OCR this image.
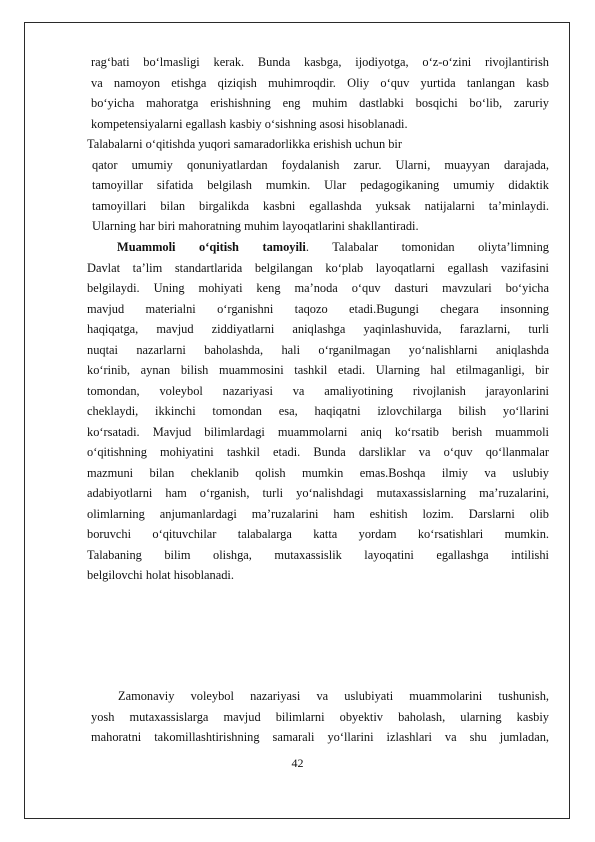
rag‘bati bo‘lmasligi kerak. Bunda kasbga, ijodiyotga, o‘z-o‘zini rivojlantirish

va namoyon etishga qiziqish muhimroqdir. Oliy o‘quv yurtida tanlangan kasb

bo‘yicha mahoratga erishishning eng muhim dastlabki bosqichi bo‘lib, zaruriy

kompetensiyalarni egallash kasbiy o‘sishning asosi hisoblanadi.

Talabalarni o‘qitishda yuqori samaradorlikka erishish uchun bir

qator umumiy qonuniyatlardan foydalanish zarur. Ularni, muayyan darajada,

tamoyillar sifatida belgilash mumkin. Ular pedagogikaning umumiy didaktik

tamoyillari bilan birgalikda kasbni egallashda yuksak natijalarni ta’minlaydi.

Ularning har biri mahoratning muhim layoqatlarini shakllantiradi.

Muammoli o‘qitish tamoyili. Talabalar tomonidan oliyta’limning

Davlat ta’lim standartlarida belgilangan ko‘plab layoqatlarni egallash vazifasini

belgilaydi. Uning mohiyati keng ma’noda o‘quv dasturi mavzulari bo‘yicha

mavjud materialni o‘rganishni taqozo etadi.Bugungi chegara insonning

haqiqatga, mavjud ziddiyatlarni aniqlashga yaqinlashuvida, farazlarni, turli

nuqtai nazarlarni baholashda, hali o‘rganilmagan yo‘nalishlarni aniqlashda

ko‘rinib, aynan bilish muammosini tashkil etadi. Ularning hal etilmaganligi, bir

tomondan, voleybol nazariyasi va amaliyotining rivojlanish jarayonlarini

cheklaydi, ikkinchi tomondan esa, haqiqatni izlovchilarga bilish yo‘llarini

ko‘rsatadi. Mavjud bilimlardagi muammolarni aniq ko‘rsatib berish muammoli

o‘qitishning mohiyatini tashkil etadi. Bunda darsliklar va o‘quv qo‘llanmalar

mazmuni bilan cheklanib qolish mumkin emas.Boshqa ilmiy va uslubiy

adabiyotlarni ham o‘rganish, turli yo‘nalishdagi mutaxassislarning ma’ruzalarini,

olimlarning anjumanlardagi ma’ruzalarini ham eshitish lozim. Darslarni olib

boruvchi o‘qituvchilar talabalarga katta yordam ko‘rsatishlari mumkin.

Talabaning bilim olishga, mutaxassislik layoqatini egallashga intilishi

belgilovchi holat hisoblanadi.

Zamonaviy voleybol nazariyasi va uslubiyati muammolarini tushunish,

yosh mutaxassislarga mavjud bilimlarni obyektiv baholash, ularning kasbiy

mahoratni takomillashtirishning samarali yo‘llarini izlashlari va shu jumladan,

42
